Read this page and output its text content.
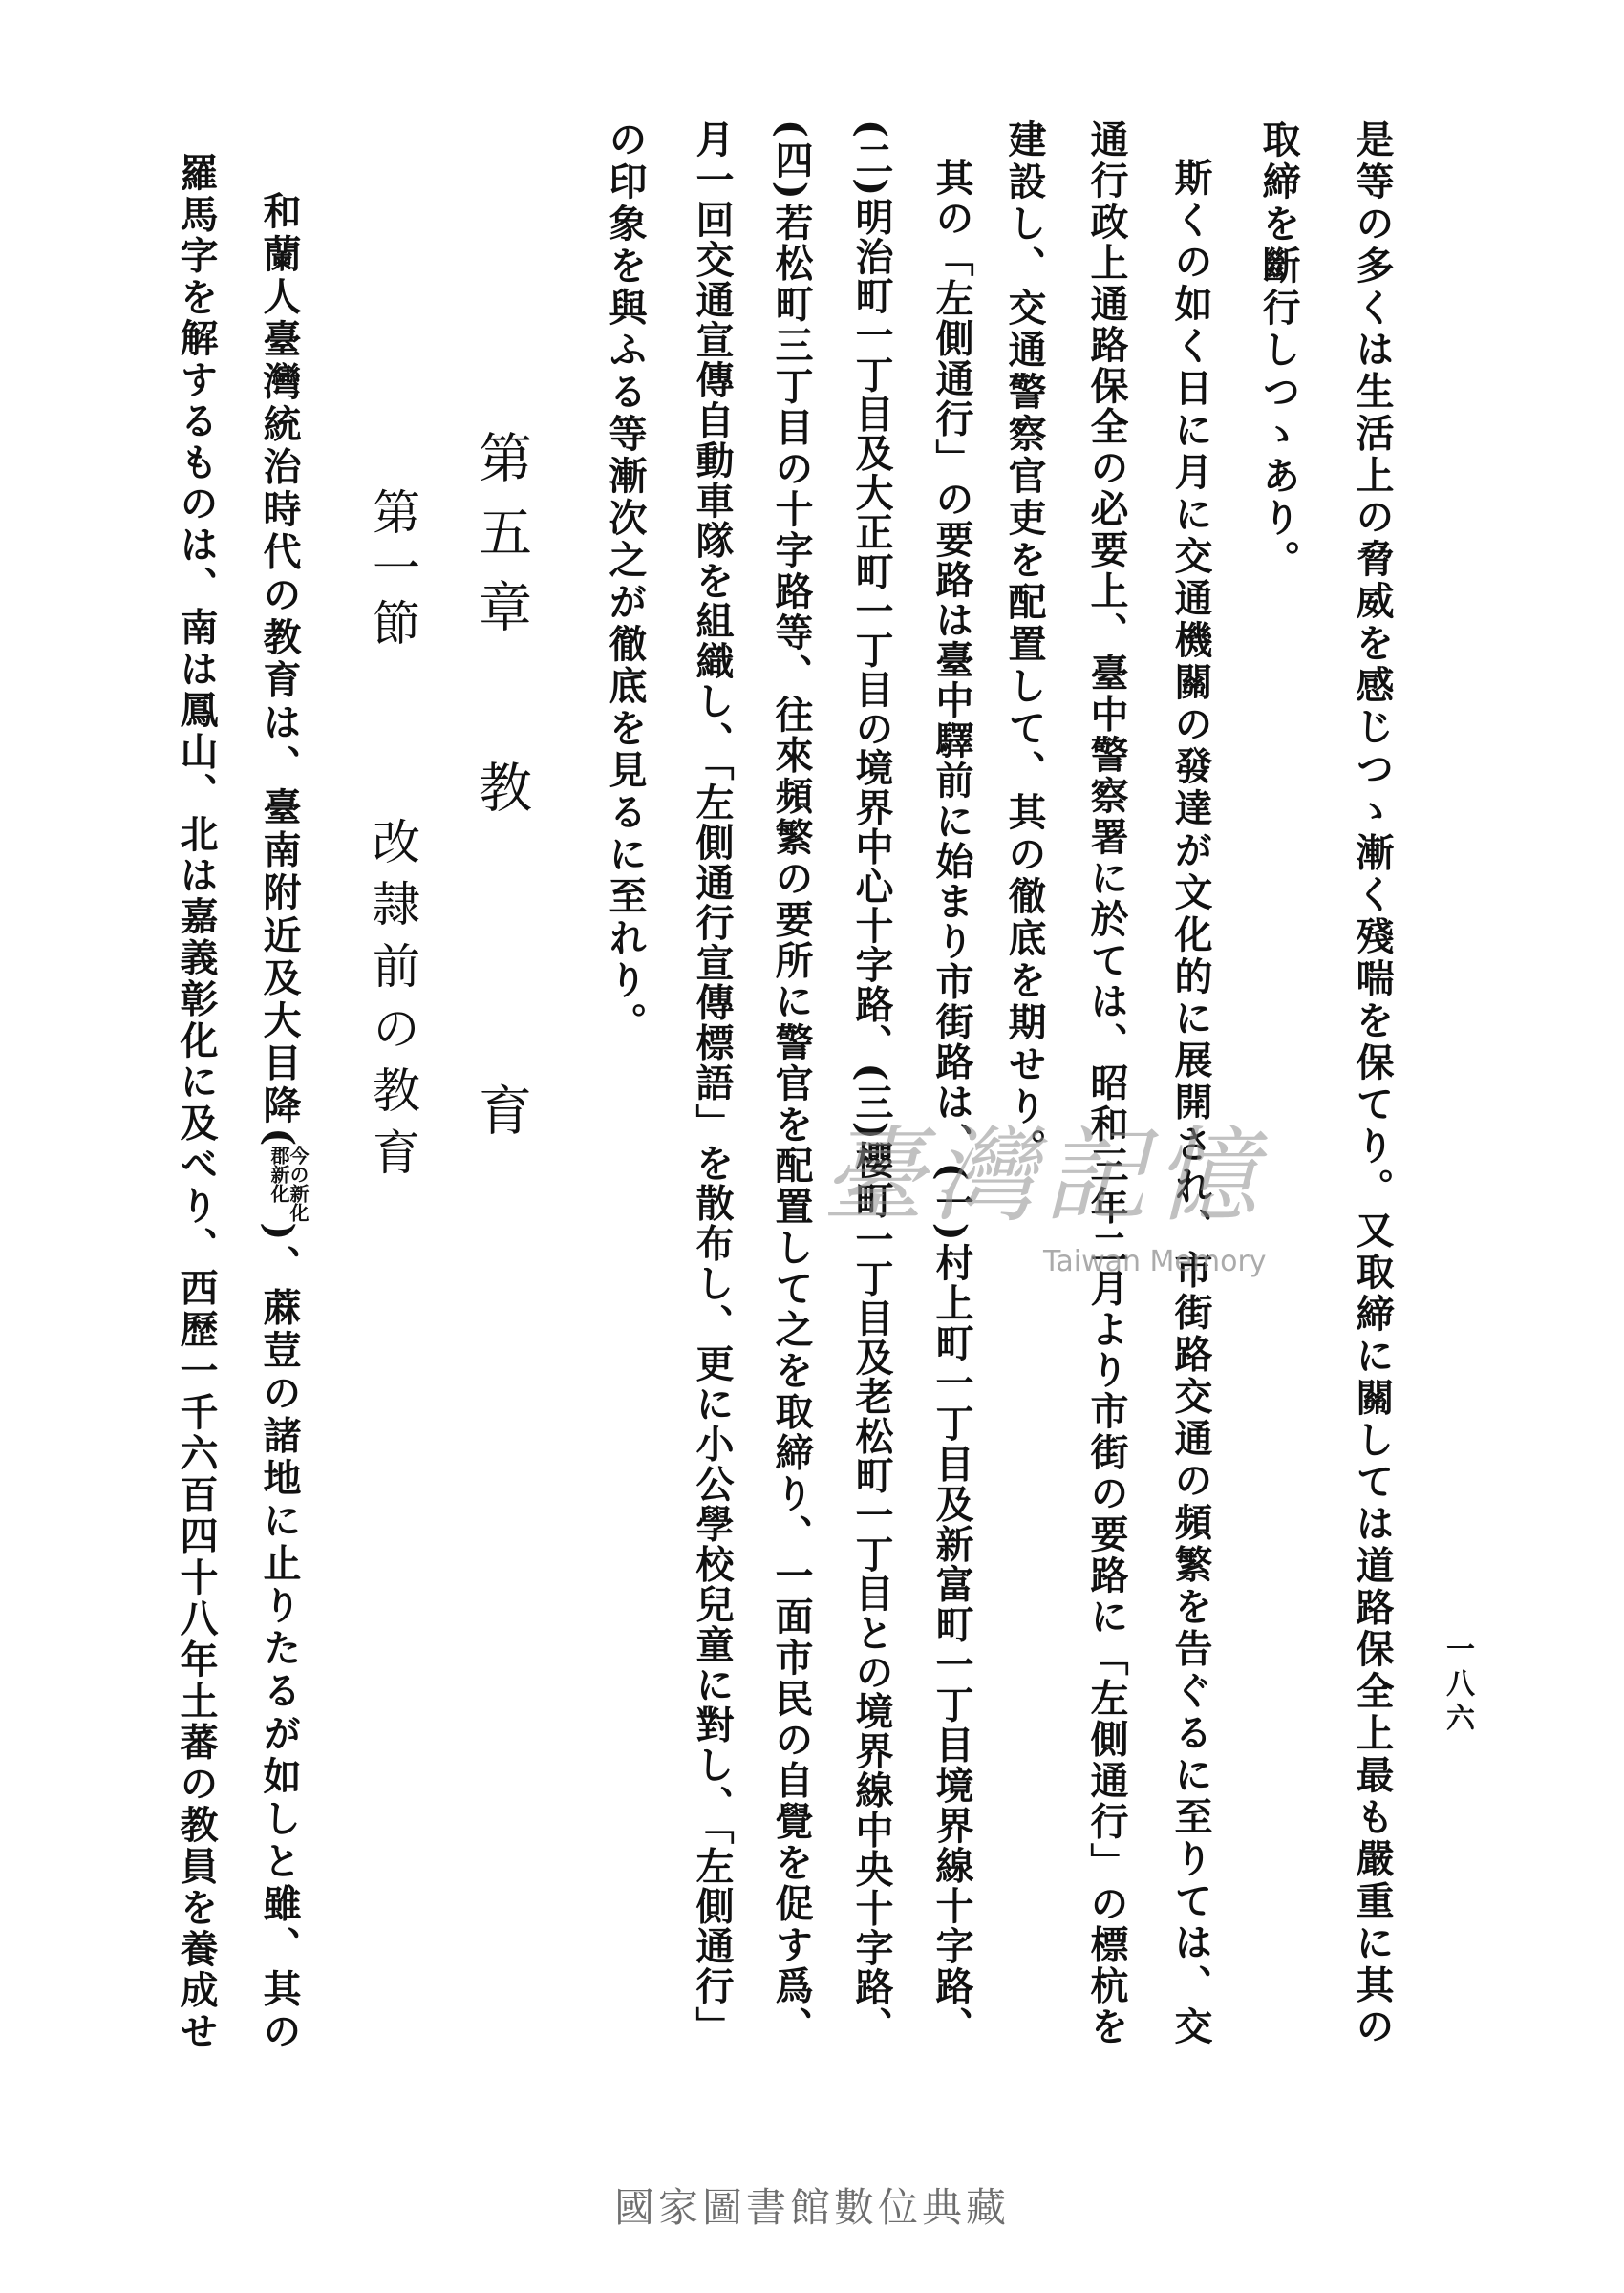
一八六
是等の多くは生活上の脅威を感じつゝ漸く殘喘を保てり。又取締に關しては道路保全上最も嚴重に其の
取締を斷行しつゝあり。
斯くの如く日に月に交通機關の發達が文化的に展開され、市街路交通の頻繁を告ぐるに至りては、交
通行政上通路保全の必要上、臺中警察署に於ては、昭和三年二月より市街の要路に「左側通行」の標杭を
建設し、交通警察官吏を配置して、其の徹底を期せり。
其の「左側通行」の要路は臺中驛前に始まり市街路は、(一)村上町一丁目及新富町一丁目境界線十字路、
(二)明治町一丁目及大正町一丁目の境界中心十字路、(三)櫻町一丁目及老松町一丁目との境界線中央十字路、
(四)若松町三丁目の十字路等、往來頻繁の要所に警官を配置して之を取締り、一面市民の自覺を促す爲、
月一回交通宣傳自動車隊を組織し、「左側通行宣傳標語」を散布し、更に小公學校兒童に對し、「左側通行」
の印象を與ふる等漸次之が徹底を見るに至れり。
第五章
教育
第一節
改隷前の教育
和蘭人臺灣統治時代の教育は、臺南附近及大目降(
今の新化
郡新化
)、蔴荳の諸地に止りたるが如しと雖、其の
羅馬字を解するものは、南は鳳山、北は嘉義彰化に及べり、西歷一千六百四十八年土蕃の教員を養成せ	臺灣記憶
Taiwan Memory
國家圖書館數位典藏
